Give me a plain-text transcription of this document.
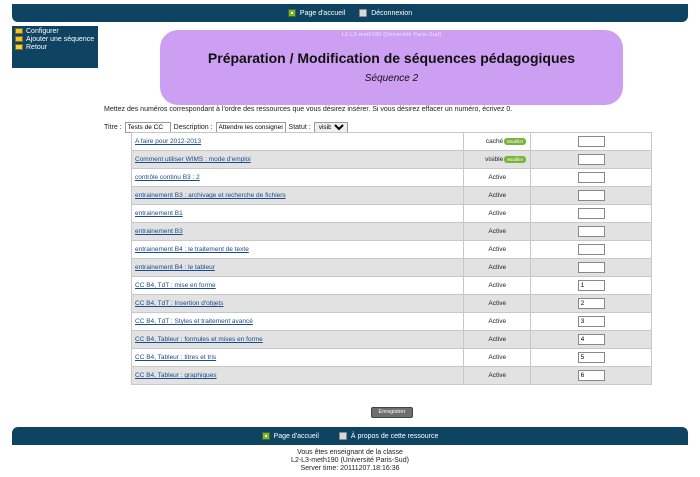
Page d'accueil	Déconnexion
Configurer
Ajouter une séquence
Retour
L2-L3-meth190 (Université Paris-Sud)
Préparation / Modification de séquences pédagogiques
Séquence 2
Mettez des numéros correspondant à l'ordre des ressources que vous désirez insérer. Si vous désirez effacer un numéro, écrivez 0.
Titre :
Tests de CC	Description :
Attendre les consignes	Statut :
visible
A faire pour 2012-2013	caché Modifier	
Comment utiliser WIMS : mode d'emploi	visible Modifier	
contrôle continu B3 : 2	Active	
entrainement B3 : archivage et recherche de fichiers	Active	
entrainement B1	Active	
entrainement B3	Active	
entrainement B4 : le traitement de texte	Active	
entrainement B4 : le tableur	Active	
CC B4, TdT : mise en forme	Active	1
CC B4, TdT : Insertion d'objets	Active	2
CC B4, TdT : Styles et traitement avancé	Active	3
CC B4, Tableur : formules et mises en forme	Active	4
CC B4, Tableur : titres et tris	Active	5
CC B4, Tableur : graphiques	Active	6
Enregistrer
Page d'accueil	À propos de cette ressource
Vous êtes enseignant de la classe
L2-L3-meth190 (Université Paris-Sud)
Server time: 20111207.18:16:36
